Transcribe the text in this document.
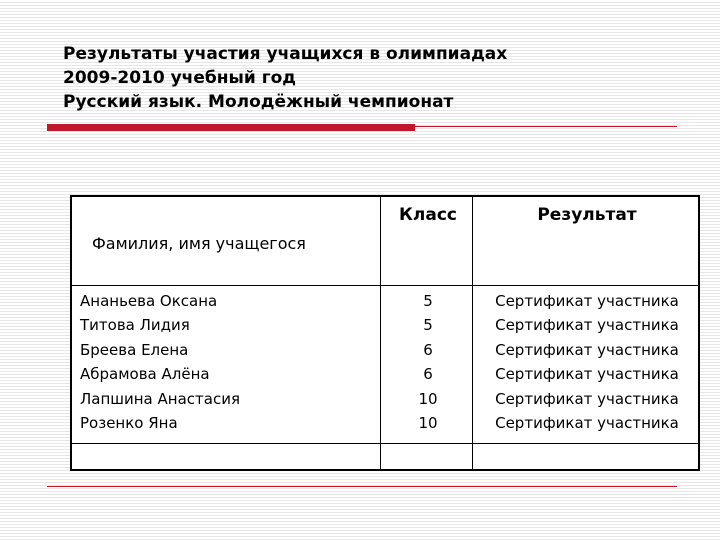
Результаты участия учащихся в олимпиадах
2009-2010 учебный год
Русский язык. Молодёжный чемпионат
Фамилия, имя учащегося
Класс	Результат
Ананьева Оксана
Титова Лидия
Бреева Елена
Абрамова Алёна
Лапшина Анастасия
Розенко Яна
5
5
6
6
10
10
Сертификат участника
Сертификат участника
Сертификат участника
Сертификат участника
Сертификат участника
Сертификат участника
